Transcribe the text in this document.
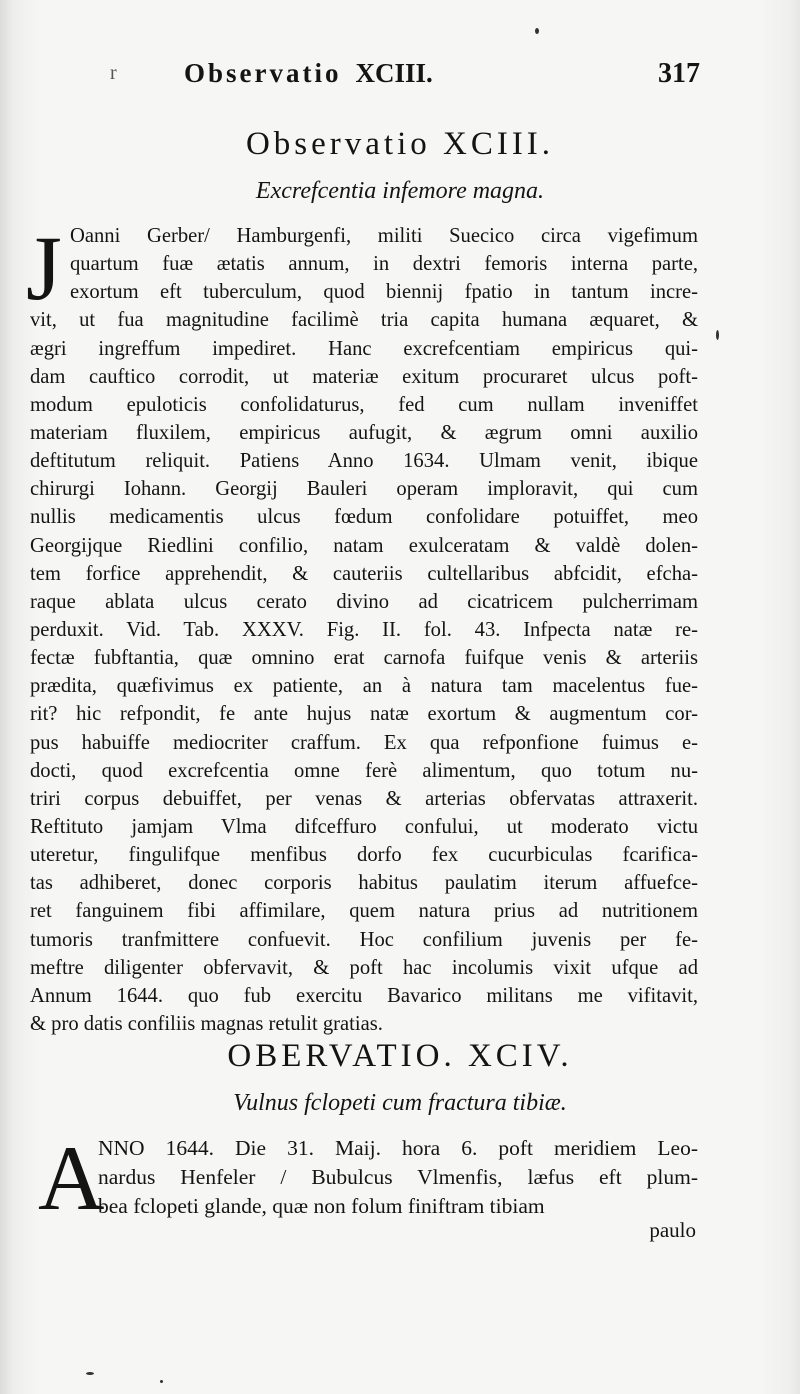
r Observatio XCIII.	317
Observatio XCIII.
Excrefcentia infemore magna.
J Oanni Gerber/ Hamburgenfi, militi Suecico circa vigefimum
quartum fuæ ætatis annum, in dextri femoris interna parte,
exortum eft tuberculum, quod biennij fpatio in tantum incre-
vit, ut fua magnitudine facilimè tria capita humana æquaret, &
ægri ingreffum impediret. Hanc excrefcentiam empiricus qui-
dam cauftico corrodit, ut materiæ exitum procuraret ulcus poft-
modum epuloticis confolidaturus, fed cum nullam inveniffet
materiam fluxilem, empiricus aufugit, & ægrum omni auxilio
deftitutum reliquit. Patiens Anno 1634. Ulmam venit, ibique
chirurgi Iohann. Georgij Bauleri operam imploravit, qui cum
nullis medicamentis ulcus fœdum confolidare potuiffet, meo
Georgijque Riedlini confilio, natam exulceratam & valdè dolen-
tem forfice apprehendit, & cauteriis cultellaribus abfcidit, efcha-
raque ablata ulcus cerato divino ad cicatricem pulcherrimam
perduxit. Vid. Tab. XXXV. Fig. II. fol. 43. Infpecta natæ re-
fectæ fubftantia, quæ omnino erat carnofa fuifque venis & arteriis
prædita, quæfivimus ex patiente, an à natura tam macelentus fue-
rit? hic refpondit, fe ante hujus natæ exortum & augmentum cor-
pus habuiffe mediocriter craffum. Ex qua refponfione fuimus e-
docti, quod excrefcentia omne ferè alimentum, quo totum nu-
triri corpus debuiffet, per venas & arterias obfervatas attraxerit.
Reftituto jamjam Vlma difceffuro confului, ut moderato victu
uteretur, fingulifque menfibus dorfo fex cucurbiculas fcarifica-
tas adhiberet, donec corporis habitus paulatim iterum affuefce-
ret fanguinem fibi affimilare, quem natura prius ad nutritionem
tumoris tranfmittere confuevit. Hoc confilium juvenis per fe-
meftre diligenter obfervavit, & poft hac incolumis vixit ufque ad
Annum 1644. quo fub exercitu Bavarico militans me vifitavit,
& pro datis confiliis magnas retulit gratias.
OBERVATIO. XCIV.
Vulnus fclopeti cum fractura tibiæ.
A
NNO 1644. Die 31. Maij. hora 6. poft meridiem Leo-
nardus Henfeler / Bubulcus Vlmenfis, læfus eft plum-
bea fclopeti glande, quæ non folum finiftram tibiam
paulo
